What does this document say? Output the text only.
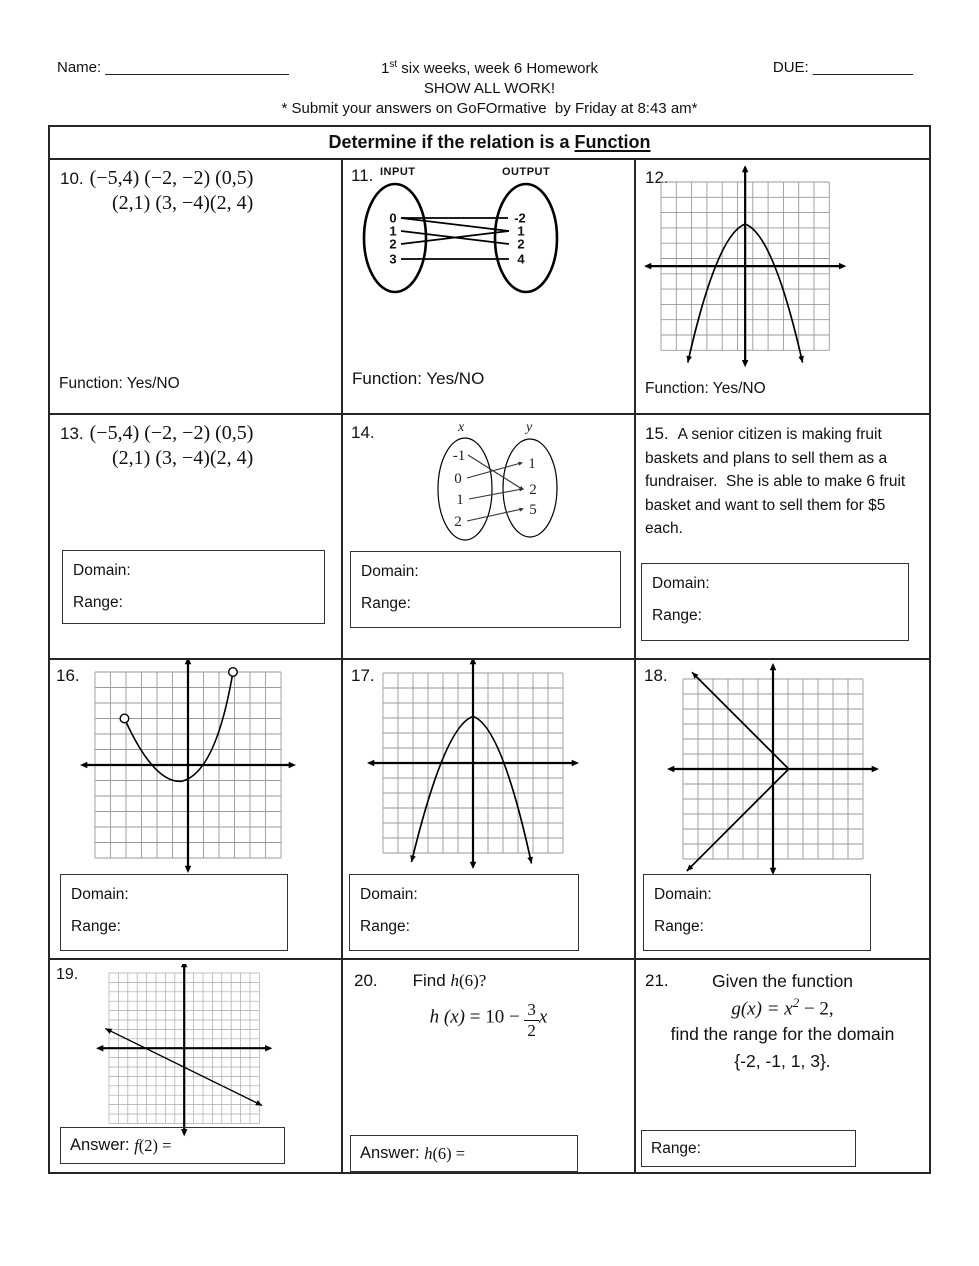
Name: ______________________	1st six weeks, week 6 Homework	DUE: ____________
SHOW ALL WORK!
* Submit your answers on GoFOrmative  by Friday at 8:43 am*
Determine if the relation is a Function
10. (−5,4) (−2, −2) (0,5)
(2,1) (3, −4)(2, 4)
Function: Yes/NO
11. INPUT	OUTPUT
0
1
2
3
-2
1
2
4
Function: Yes/NO
12.
Function: Yes/NO
13. (−5,4) (−2, −2) (0,5)
(2,1) (3, −4)(2, 4)
Domain:
Range:
14.	x	y
-1
0
1
2
1
2
5
Domain:
Range:
15. A senior citizen is making fruit baskets and plans to sell them as a fundraiser.  She is able to make 6 fruit basket and want to sell them for $5 each.
Domain:
Range:
16.
Domain:
Range:
17.
Domain:
Range:
18.
Domain:
Range:
19.
Answer: f (2) =
20. Find h(6)?
h $(x) = 10 - \frac{3}{2}x$
Answer: h (6) =
21. Given the function
$g(x) = x^2 - 2$,
find the range for the domain
{-2, -1, 1, 3}.
Range:
